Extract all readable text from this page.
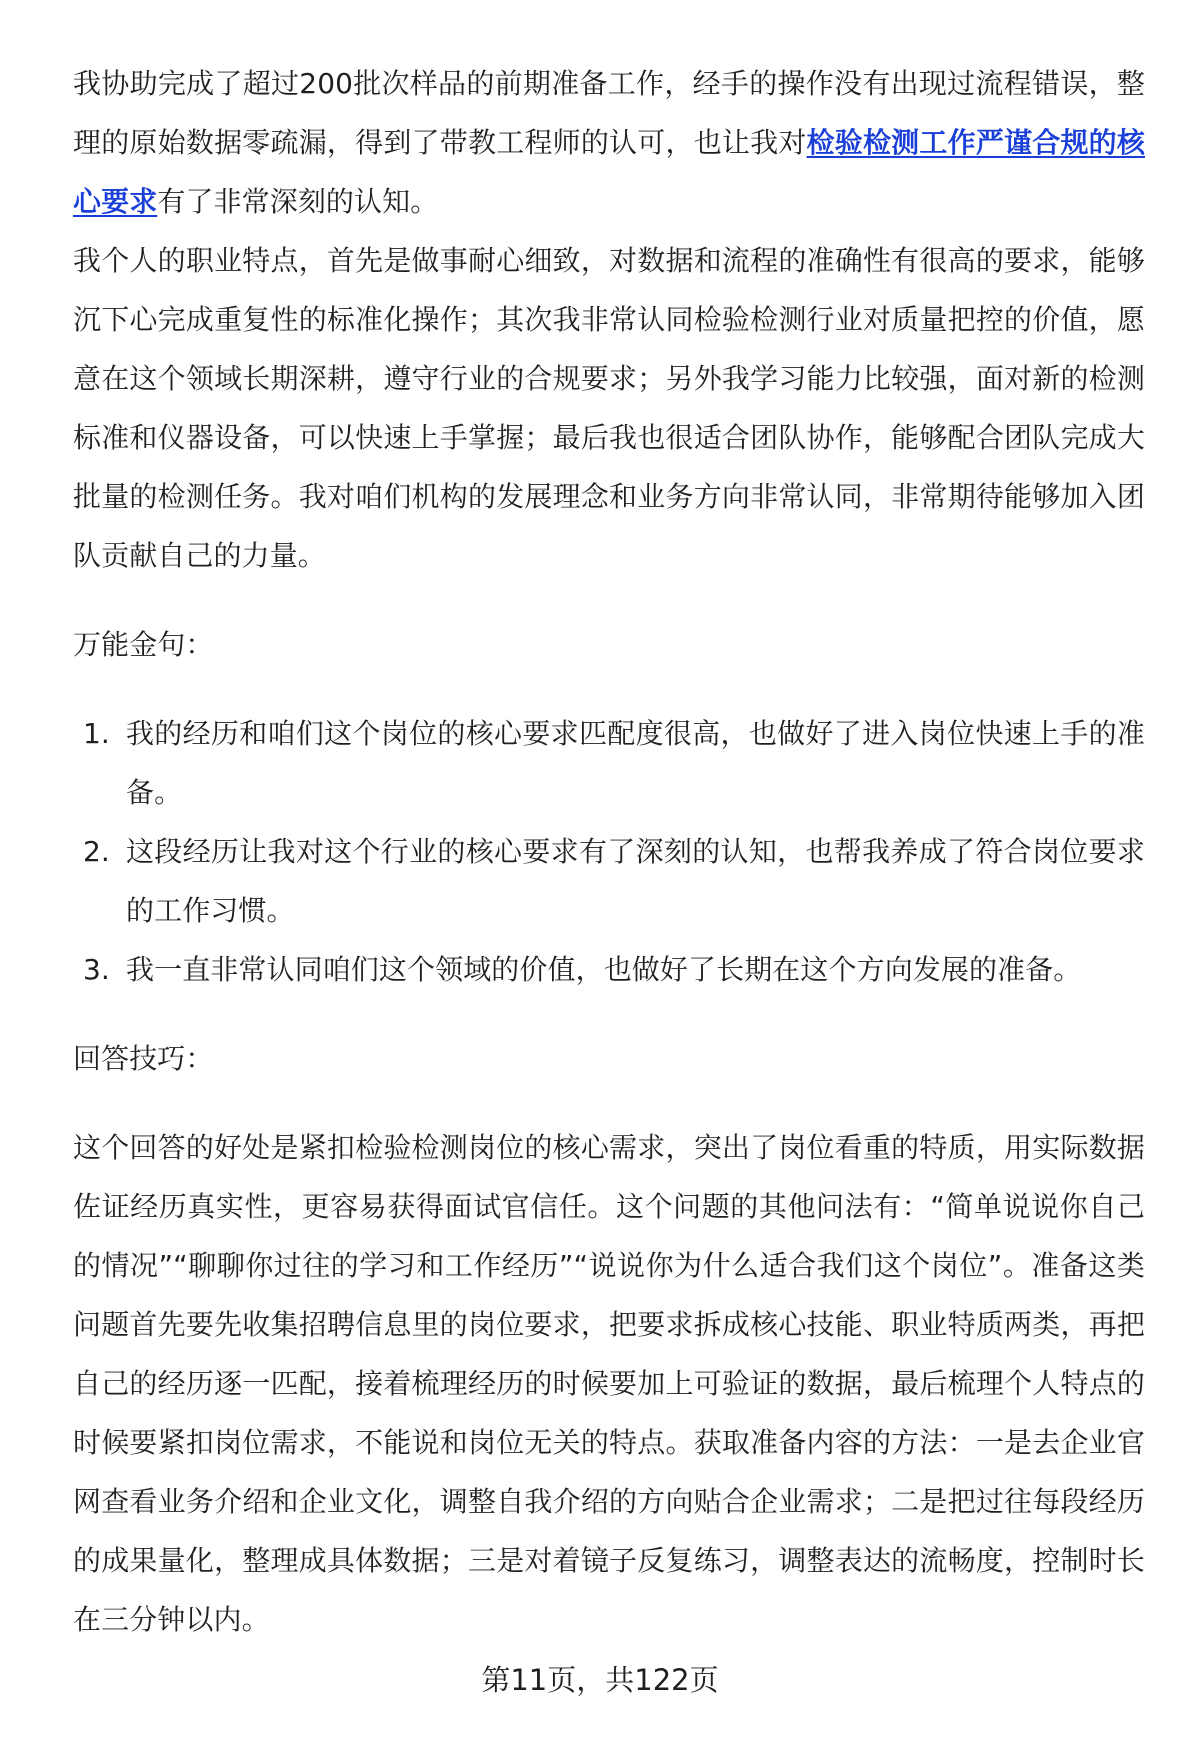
我协助完成了超过200批次样品的前期准备工作，经手的操作没有出现过流程错误，整理的原始数据零疏漏，得到了带教工程师的认可，也让我对检验检测工作严谨合规的核心要求有了非常深刻的认知。

我个人的职业特点，首先是做事耐心细致，对数据和流程的准确性有很高的要求，能够沉下心完成重复性的标准化操作；其次我非常认同检验检测行业对质量把控的价值，愿意在这个领域长期深耕，遵守行业的合规要求；另外我学习能力比较强，面对新的检测标准和仪器设备，可以快速上手掌握；最后我也很适合团队协作，能够配合团队完成大批量的检测任务。我对咱们机构的发展理念和业务方向非常认同，非常期待能够加入团队贡献自己的力量。

万能金句：

1. 我的经历和咱们这个岗位的核心要求匹配度很高，也做好了进入岗位快速上手的准备。
2. 这段经历让我对这个行业的核心要求有了深刻的认知，也帮我养成了符合岗位要求的工作习惯。
3. 我一直非常认同咱们这个领域的价值，也做好了长期在这个方向发展的准备。

回答技巧：

这个回答的好处是紧扣检验检测岗位的核心需求，突出了岗位看重的特质，用实际数据佐证经历真实性，更容易获得面试官信任。这个问题的其他问法有：“简单说说你自己的情况”“聊聊你过往的学习和工作经历”“说说你为什么适合我们这个岗位”。准备这类问题首先要先收集招聘信息里的岗位要求，把要求拆成核心技能、职业特质两类，再把自己的经历逐一匹配，接着梳理经历的时候要加上可验证的数据，最后梳理个人特点的时候要紧扣岗位需求，不能说和岗位无关的特点。获取准备内容的方法：一是去企业官网查看业务介绍和企业文化，调整自我介绍的方向贴合企业需求；二是把过往每段经历的成果量化，整理成具体数据；三是对着镜子反复练习，调整表达的流畅度，控制时长在三分钟以内。

第11页，共122页
